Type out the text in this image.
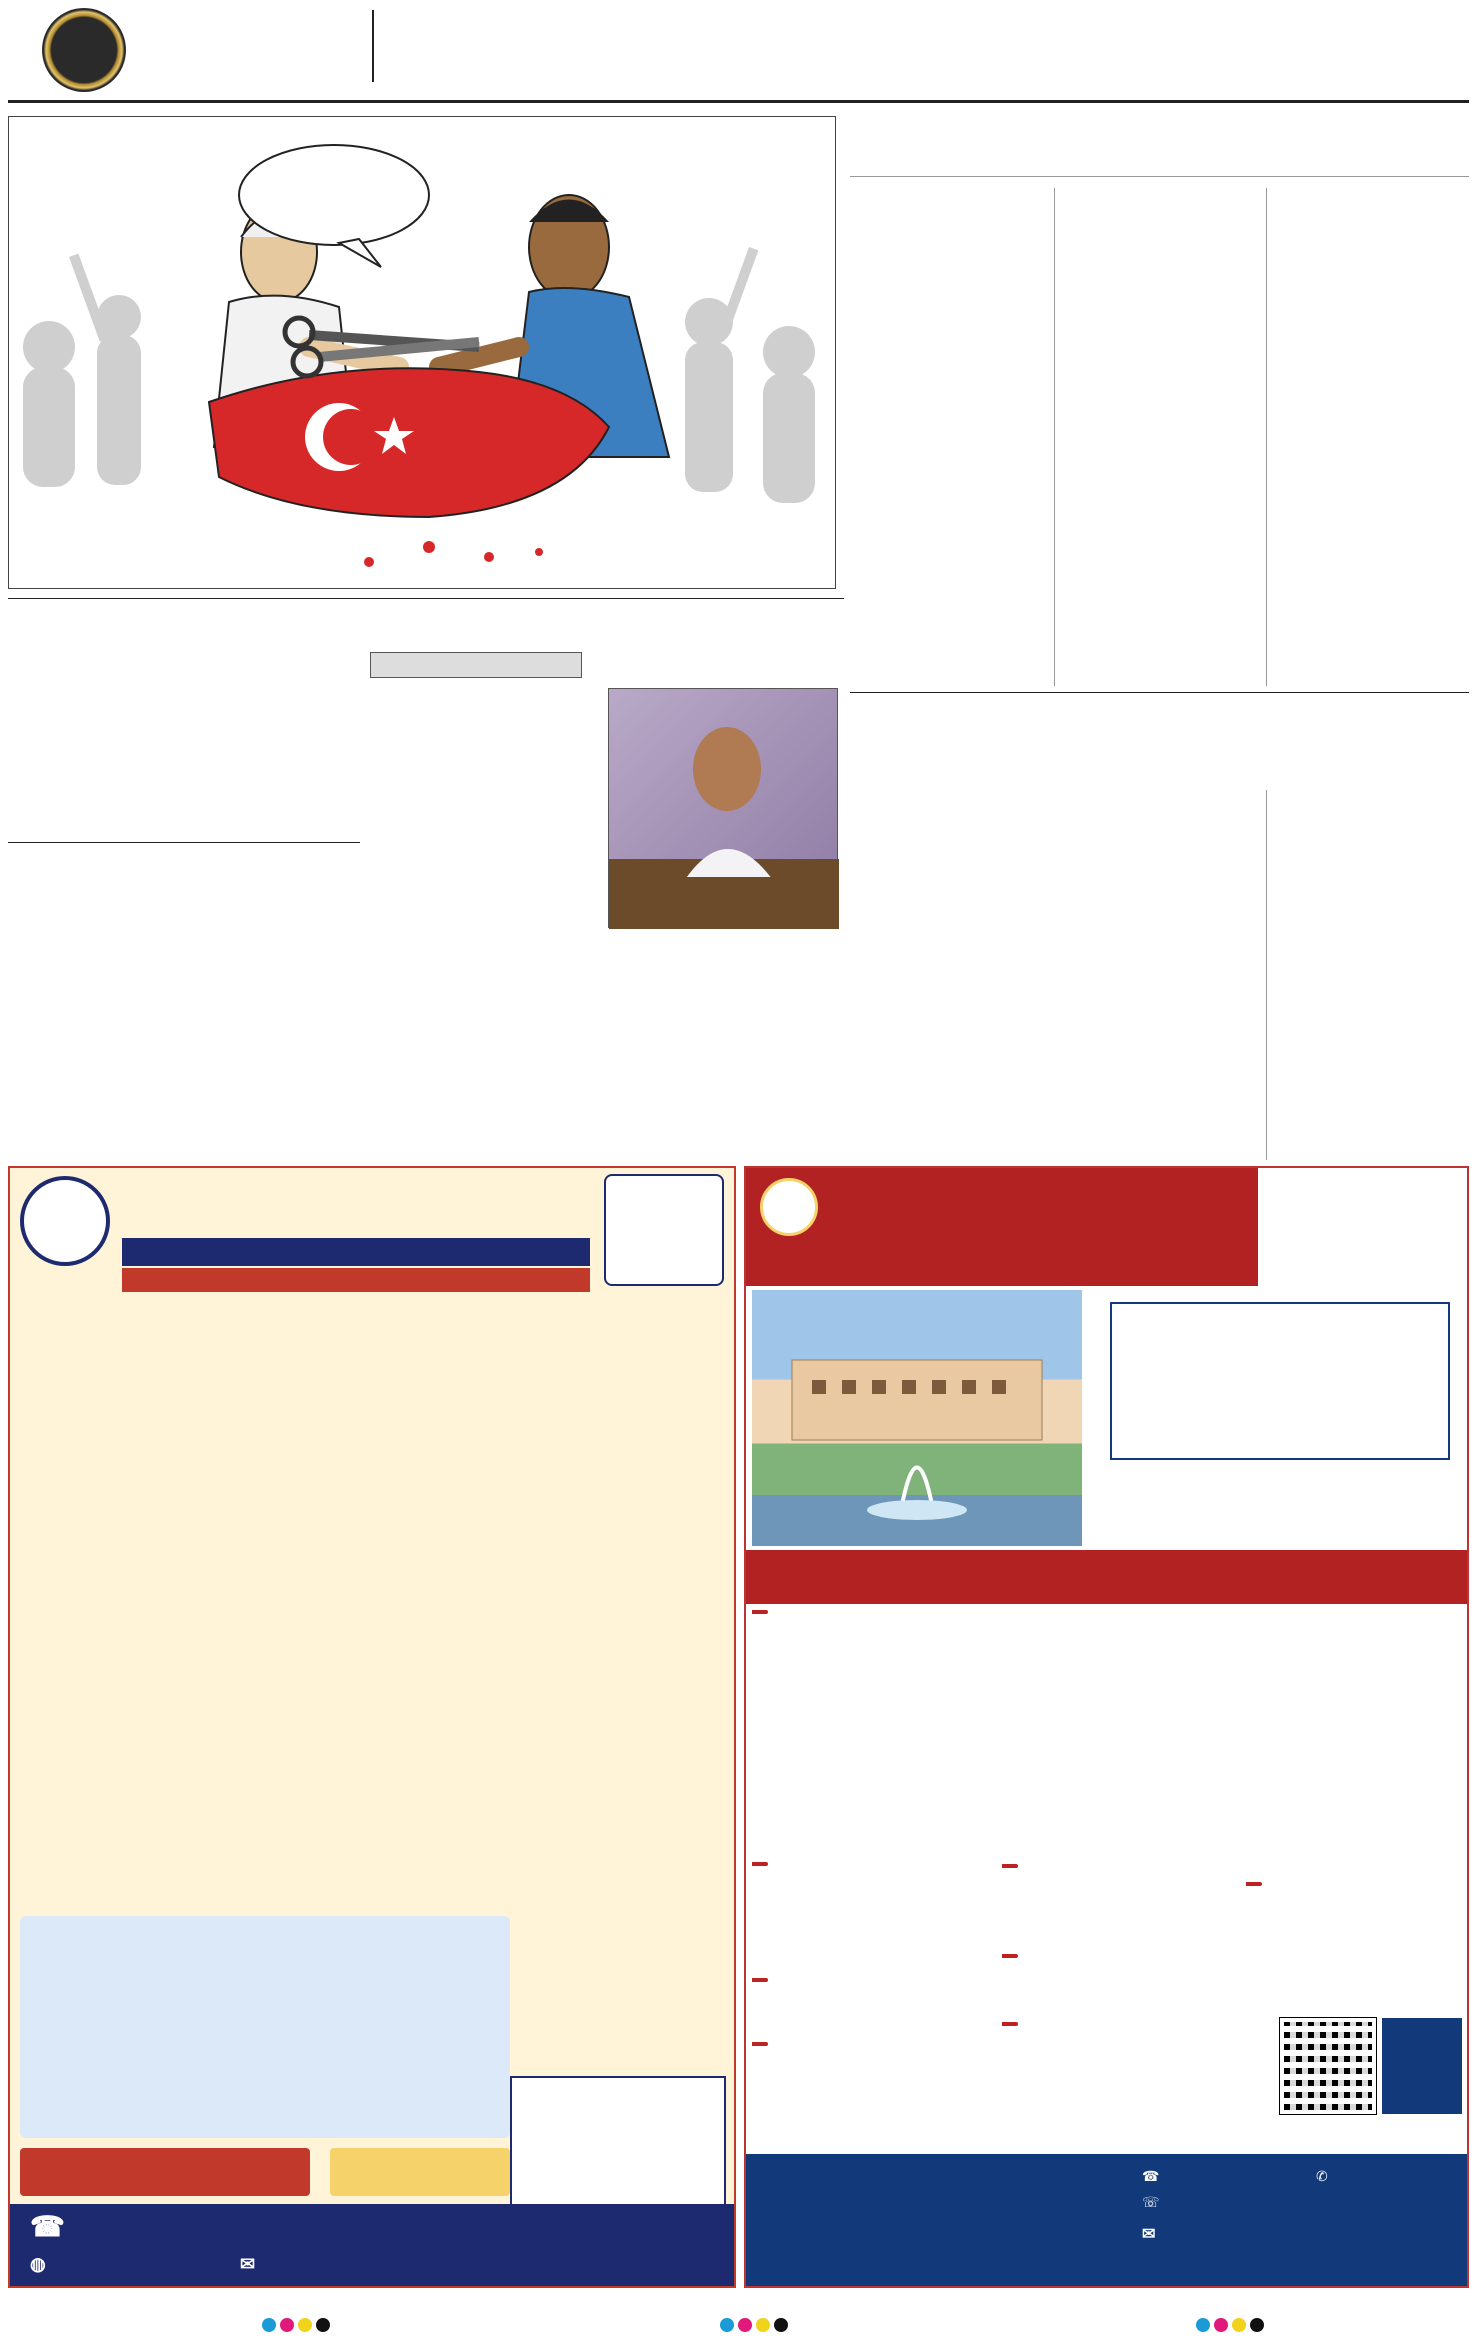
☎
◍	✉
☎	✆
☏
✉
